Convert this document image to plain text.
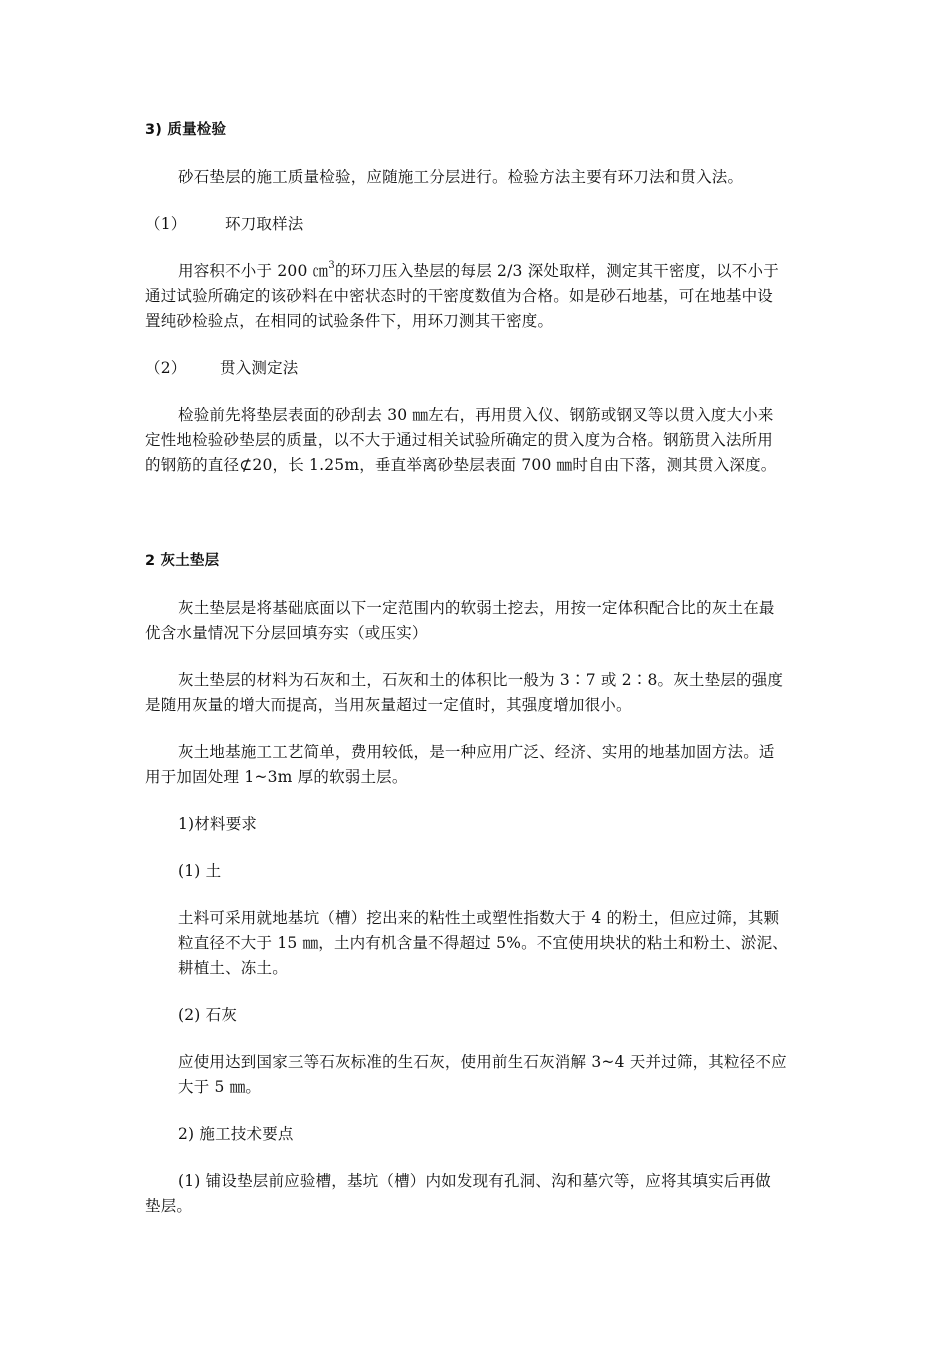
3) 质量检验
砂石垫层的施工质量检验，应随施工分层进行。检验方法主要有环刀法和贯入法。
（1） 环刀取样法
用容积不小于 200 ㎝$^3$的环刀压入垫层的每层 2/3 深处取样，测定其干密度，以不小于
通过试验所确定的该砂料在中密状态时的干密度数值为合格。如是砂石地基，可在地基中设
置纯砂检验点，在相同的试验条件下，用环刀测其干密度。
（2） 贯入测定法
检验前先将垫层表面的砂刮去 30 ㎜左右，再用贯入仪、钢筋或钢叉等以贯入度大小来
定性地检验砂垫层的质量，以不大于通过相关试验所确定的贯入度为合格。钢筋贯入法所用
的钢筋的直径⊄20，长 1.25m，垂直举离砂垫层表面 700 ㎜时自由下落，测其贯入深度。
2 灰土垫层
灰土垫层是将基础底面以下一定范围内的软弱土挖去，用按一定体积配合比的灰土在最
优含水量情况下分层回填夯实（或压实）
灰土垫层的材料为石灰和土，石灰和土的体积比一般为 3∶7 或 2∶8。灰土垫层的强度
是随用灰量的增大而提高，当用灰量超过一定值时，其强度增加很小。
灰土地基施工工艺简单，费用较低，是一种应用广泛、经济、实用的地基加固方法。适
用于加固处理 1~3m 厚的软弱土层。
1)材料要求
(1) 土
土料可采用就地基坑（槽）挖出来的粘性土或塑性指数大于 4 的粉土，但应过筛，其颗
粒直径不大于 15 ㎜，土内有机含量不得超过 5%。不宜使用块状的粘土和粉土、淤泥、
耕植土、冻土。
(2) 石灰
应使用达到国家三等石灰标准的生石灰，使用前生石灰消解 3~4 天并过筛，其粒径不应
大于 5 ㎜。
2) 施工技术要点
(1) 铺设垫层前应验槽，基坑（槽）内如发现有孔洞、沟和墓穴等，应将其填实后再做
垫层。
